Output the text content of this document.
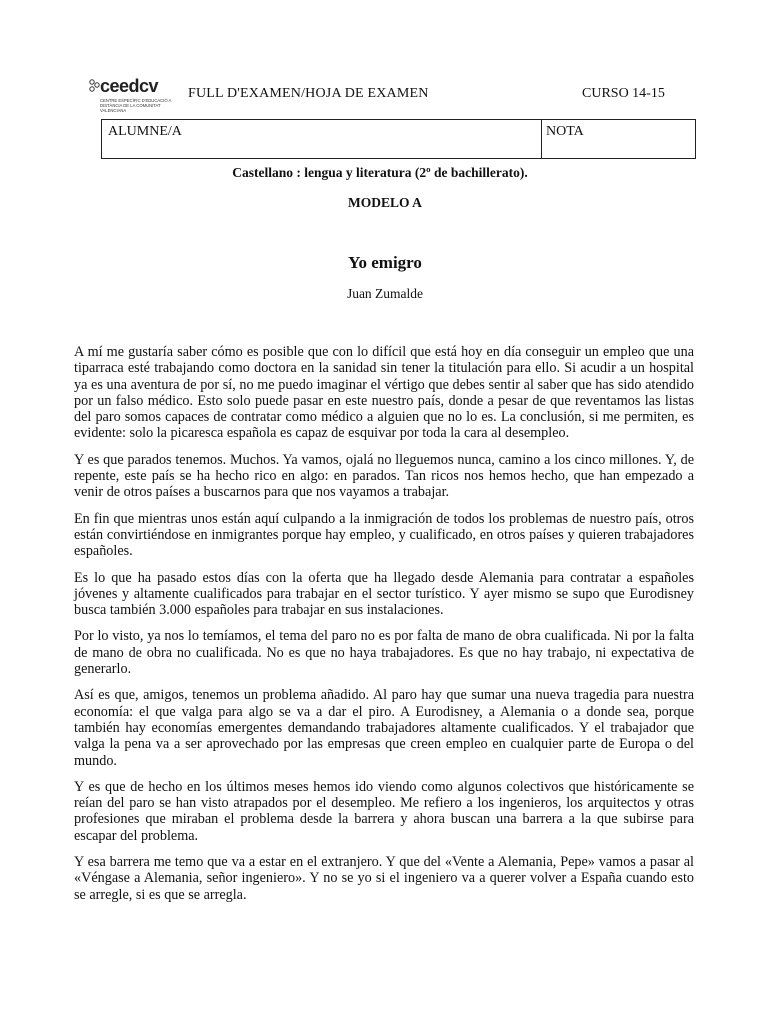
ceedcv
CENTRE ESPECÍFIC D'EDUCACIÓ A DISTÀNCIA DE LA COMUNITAT VALENCIANA
FULL D'EXAMEN/HOJA DE EXAMEN	CURSO 14-15
ALUMNE/A	NOTA
Castellano : lengua y literatura (2º de bachillerato).
MODELO A
Yo emigro
Juan Zumalde

A mí me gustaría saber cómo es posible que con lo difícil que está hoy en día conseguir un empleo que una tiparraca esté trabajando como doctora en la sanidad sin tener la titulación para ello. Si acudir a un hospital ya es una aventura de por sí, no me puedo imaginar el vértigo que debes sentir al saber que has sido atendido por un falso médico. Esto solo puede pasar en este nuestro país, donde a pesar de que reventamos las listas del paro somos capaces de contratar como médico a alguien que no lo es. La conclusión, si me permiten, es evidente: solo la picaresca española es capaz de esquivar por toda la cara al desempleo.

Y es que parados tenemos. Muchos. Ya vamos, ojalá no lleguemos nunca, camino a los cinco millones. Y, de repente, este país se ha hecho rico en algo: en parados. Tan ricos nos hemos hecho, que han empezado a venir de otros países a buscarnos para que nos vayamos a trabajar.

En fin que mientras unos están aquí culpando a la inmigración de todos los problemas de nuestro país, otros están convirtiéndose en inmigrantes porque hay empleo, y cualificado, en otros países y quieren trabajadores españoles.

Es lo que ha pasado estos días con la oferta que ha llegado desde Alemania para contratar a españoles jóvenes y altamente cualificados para trabajar en el sector turístico. Y ayer mismo se supo que Eurodisney busca también 3.000 españoles para trabajar en sus instalaciones.

Por lo visto, ya nos lo temíamos, el tema del paro no es por falta de mano de obra cualificada. Ni por la falta de mano de obra no cualificada. No es que no haya trabajadores. Es que no hay trabajo, ni expectativa de generarlo.

Así es que, amigos, tenemos un problema añadido. Al paro hay que sumar una nueva tragedia para nuestra economía: el que valga para algo se va a dar el piro. A Eurodisney, a Alemania o a donde sea, porque también hay economías emergentes demandando trabajadores altamente cualificados. Y el trabajador que valga la pena va a ser aprovechado por las empresas que creen empleo en cualquier parte de Europa o del mundo.

Y es que de hecho en los últimos meses hemos ido viendo como algunos colectivos que históricamente se reían del paro se han visto atrapados por el desempleo. Me refiero a los ingenieros, los arquitectos y otras profesiones que miraban el problema desde la barrera y ahora buscan una barrera a la que subirse para escapar del problema.

Y esa barrera me temo que va a estar en el extranjero. Y que del «Vente a Alemania, Pepe» vamos a pasar al «Véngase a Alemania, señor ingeniero». Y no se yo si el ingeniero va a querer volver a España cuando esto se arregle, si es que se arregla.
